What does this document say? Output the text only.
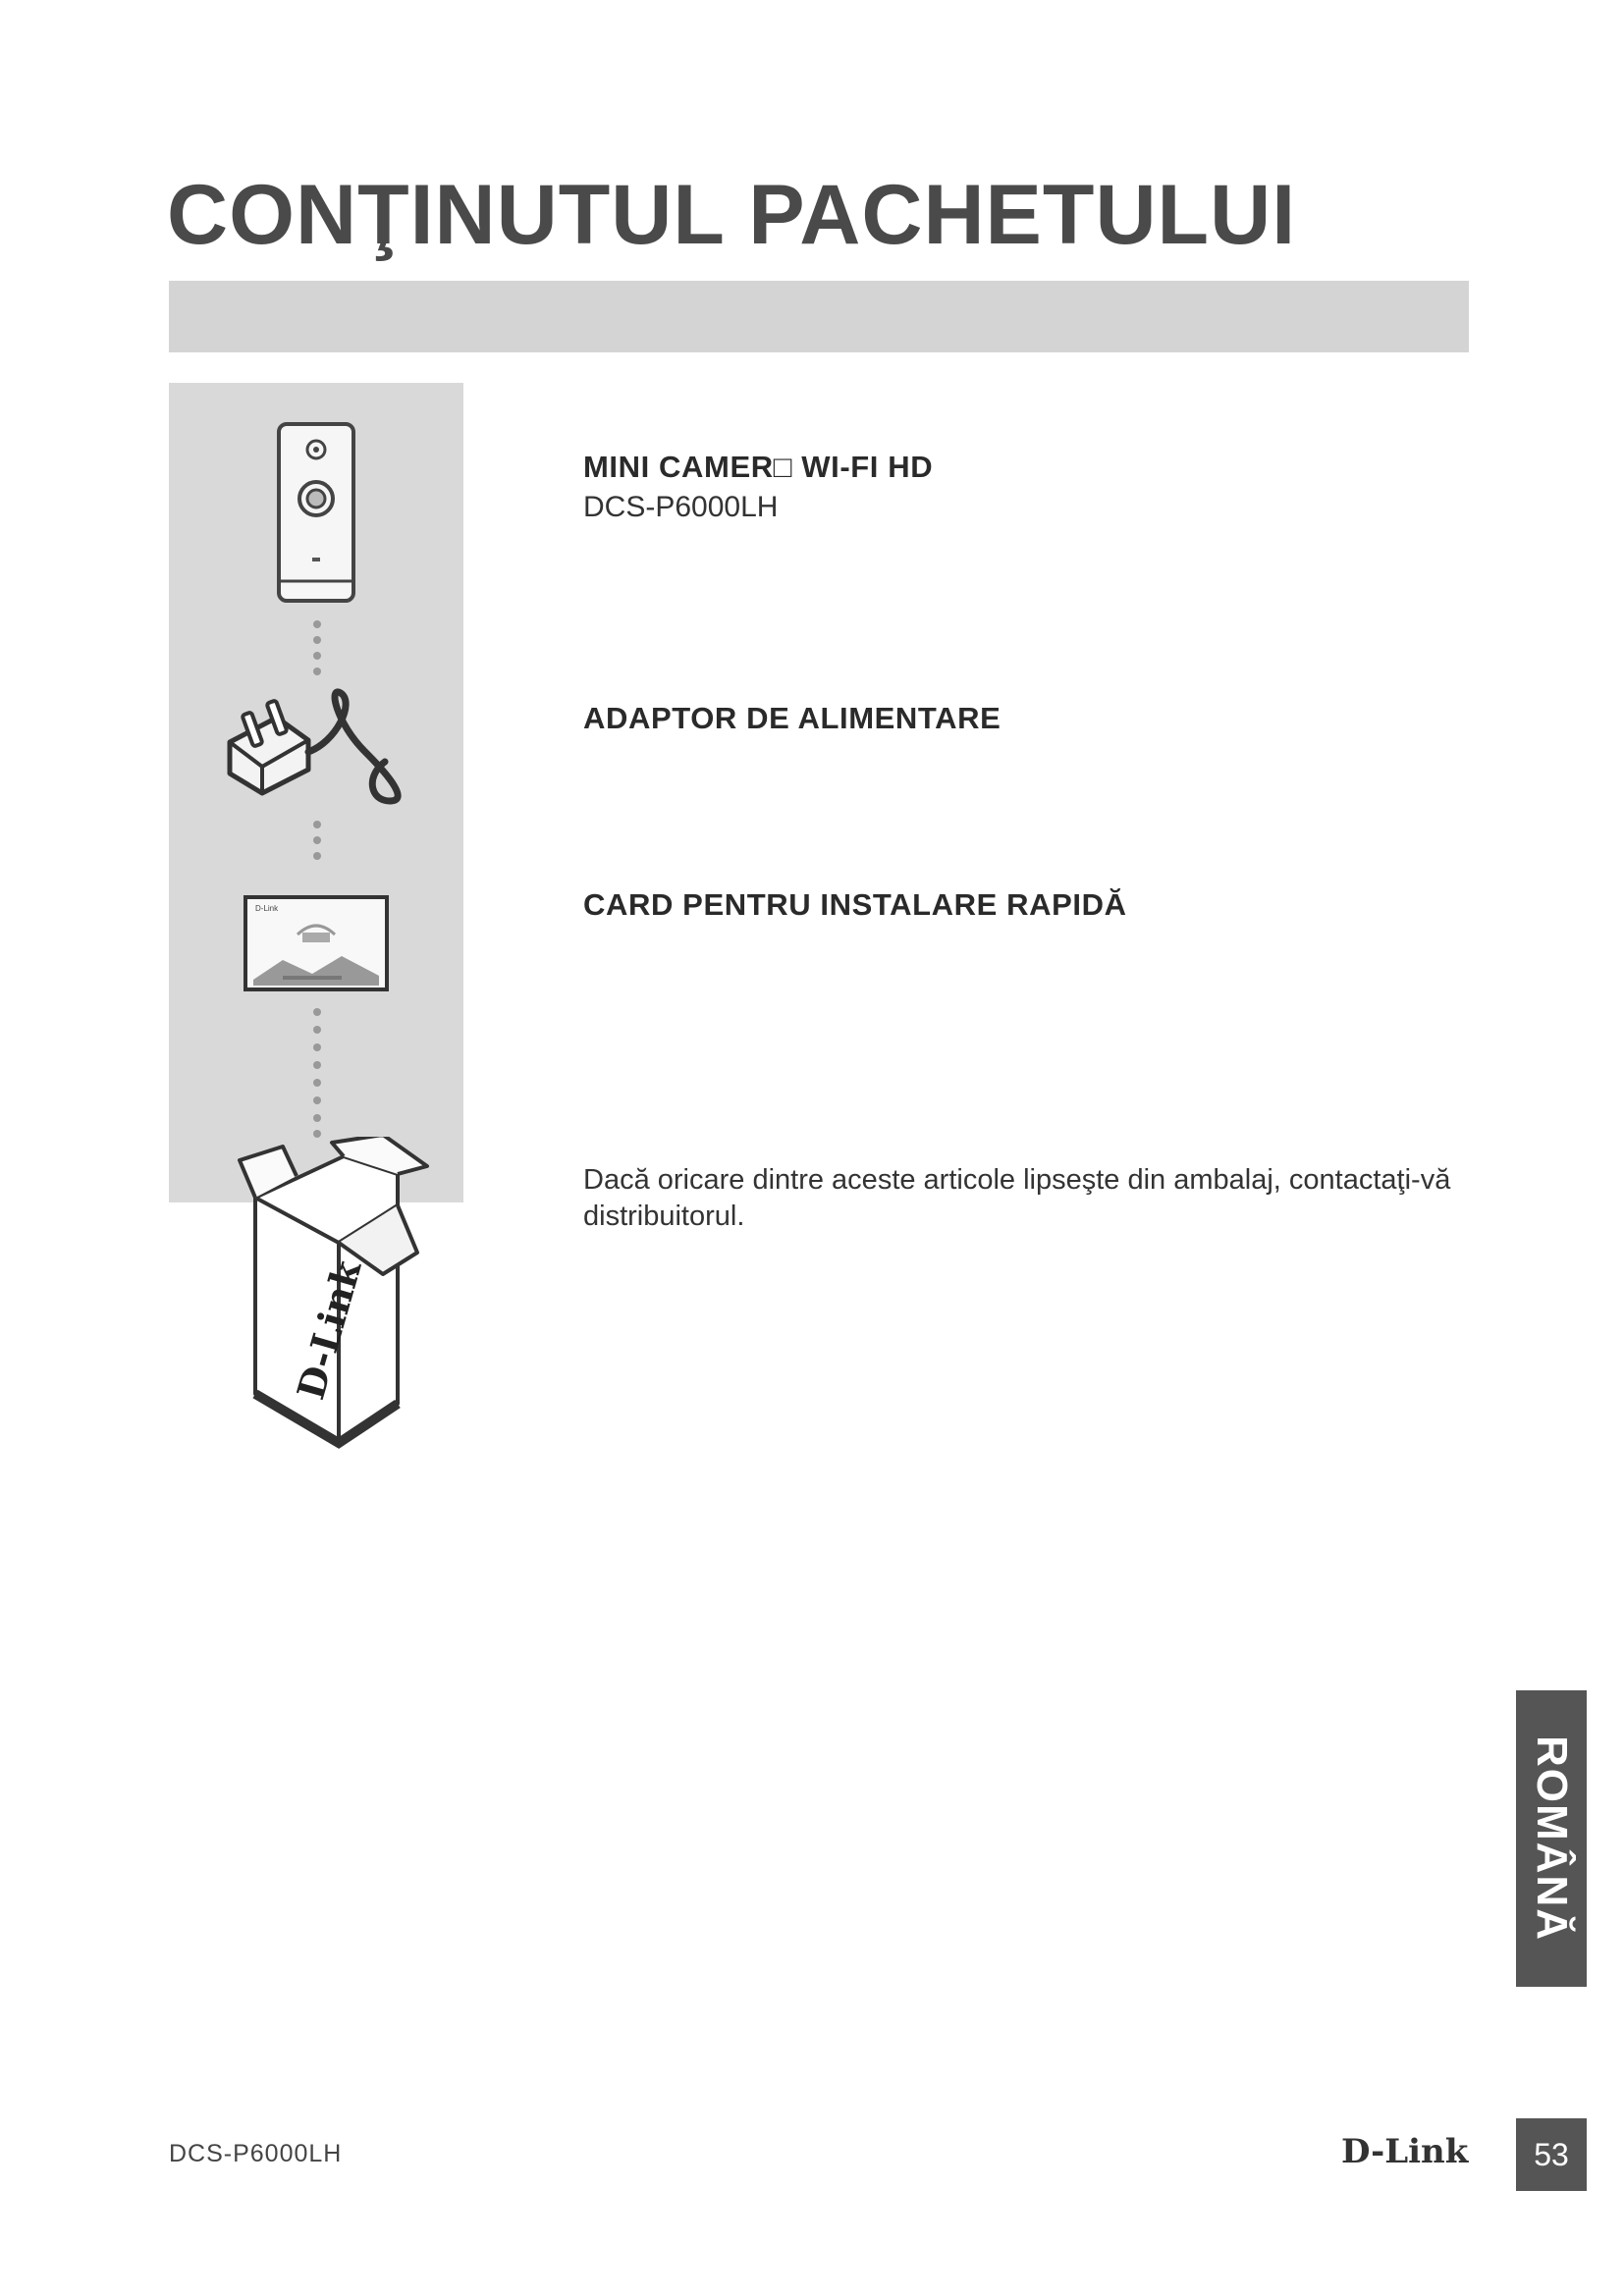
CONŢINUTUL PACHETULUI
D-Link
D-Link
MINI CAMER□ WI-FI HD

DCS-P6000LH

ADAPTOR DE ALIMENTARE
CARD PENTRU INSTALARE RAPIDĂ

Dacă oricare dintre aceste articole lipseşte din ambalaj, contactaţi-vă distribuitorul.

ROMÂNĂ
DCS-P6000LH	D-Link	53
